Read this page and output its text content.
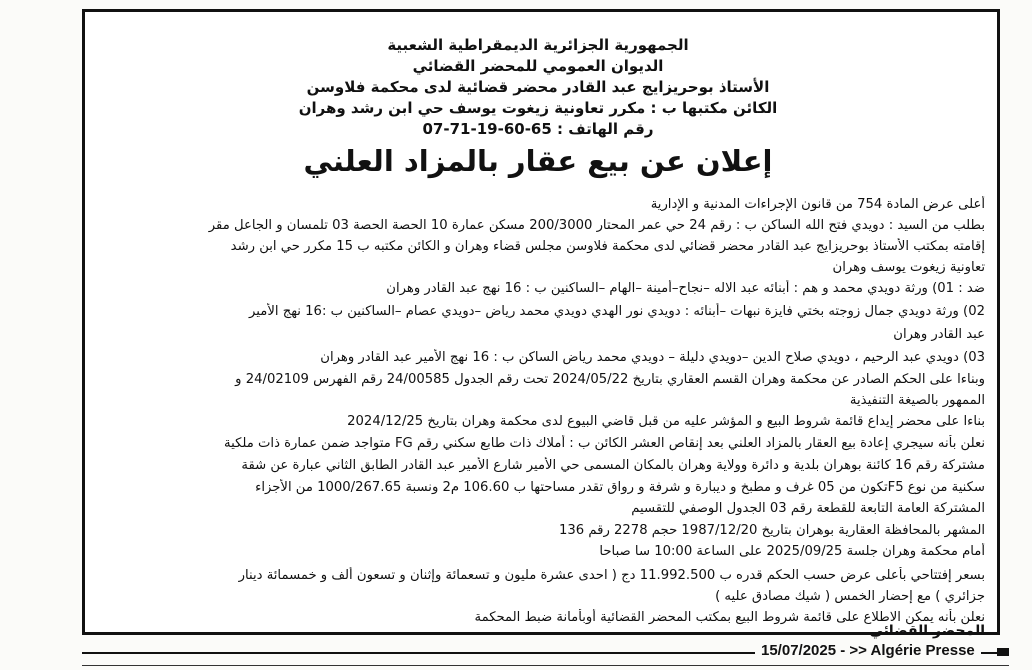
الجمهورية الجزائرية الديمقراطية الشعبية
الديوان العمومي للمحضر القضائي
الأستاذ بوحريزايج عبد القادر محضر قضائية لدى محكمة فلاوسن
الكائن مكتبها ب : مكرر تعاونية زيغوت يوسف حي ابن رشد وهران
رقم الهاتف : 65-60-19-71-07
إعلان عن بيع عقار بالمزاد العلني
أعلى عرض المادة 754 من قانون الإجراءات المدنية و الإدارية
بطلب من السيد : دويدي فتح الله الساكن ب : رقم 24 حي عمر المحتار 200/3000 مسكن عمارة 10 الحصة الحصة 03 تلمسان و الجاعل مقر
إقامته بمكتب الأستاذ بوحريزايج عبد القادر محضر قضائي لدى محكمة فلاوسن مجلس قضاء وهران و الكائن مكتبه ب 15 مكرر حي ابن رشد
تعاونية زيغوت يوسف وهران
ضد : 01) ورثة دويدي محمد و هم : أبنائه عبد الاله –نجاح–أمينة –الهام –الساكنين ب : 16 نهج عبد القادر وهران
02) ورثة دويدي جمال زوجته بختي فايزة نبهات –أبنائه : دويدي نور الهدي دويدي محمد رياض –دويدي عصام –الساكنين ب :16 نهج الأمير
عبد القادر وهران
03) دويدي عبد الرحيم ، دويدي صلاح الدين –دويدي دليلة – دويدي محمد رياض الساكن ب : 16 نهج الأمير عبد القادر وهران
وبناءا على الحكم الصادر عن محكمة وهران القسم العقاري بتاريخ 2024/05/22 تحت رقم الجدول 24/00585 رقم الفهرس 24/02109 و
الممهور بالصيغة التنفيذية
بناءا على محضر إيداع قائمة شروط البيع و المؤشر عليه من قبل قاضي البيوع لدى محكمة وهران بتاريخ 2024/12/25
نعلن بأنه سيجري إعادة بيع العقار بالمزاد العلني بعد إنقاص العشر الكائن ب : أملاك ذات طابع سكني رقم FG متواجد ضمن عمارة ذات ملكية
مشتركة رقم 16 كائنة بوهران بلدية و دائرة وولاية وهران بالمكان المسمى حي الأمير شارع الأمير عبد القادر الطابق الثاني عبارة عن شقة
سكنية من نوع F5تكون من 05 غرف و مطبخ و ديبارة و شرفة و رواق تقدر مساحتها ب 106.60 م2 ونسبة 1000/267.65 من الأجزاء
المشتركة العامة التابعة للقطعة رقم 03 الجدول الوصفي للتقسيم
المشهر بالمحافظة العقارية بوهران بتاريخ 1987/12/20 حجم 2278 رقم 136
أمام محكمة وهران جلسة 2025/09/25 على الساعة 10:00 سا صباحا
بسعر إفتتاحي بأعلى عرض حسب الحكم قدره ب 11.992.500 دج ( احدى عشرة مليون و تسعمائة وإثنان و تسعون ألف و خمسمائة دينار
جزائري ) مع إحضار الخمس ( شيك مصادق عليه )
نعلن بأنه يمكن الاطلاع على قائمة شروط البيع بمكتب المحضر القضائية أوبأمانة ضبط المحكمة
المحضر القضائي
15/07/2025 - >> Algérie Presse
